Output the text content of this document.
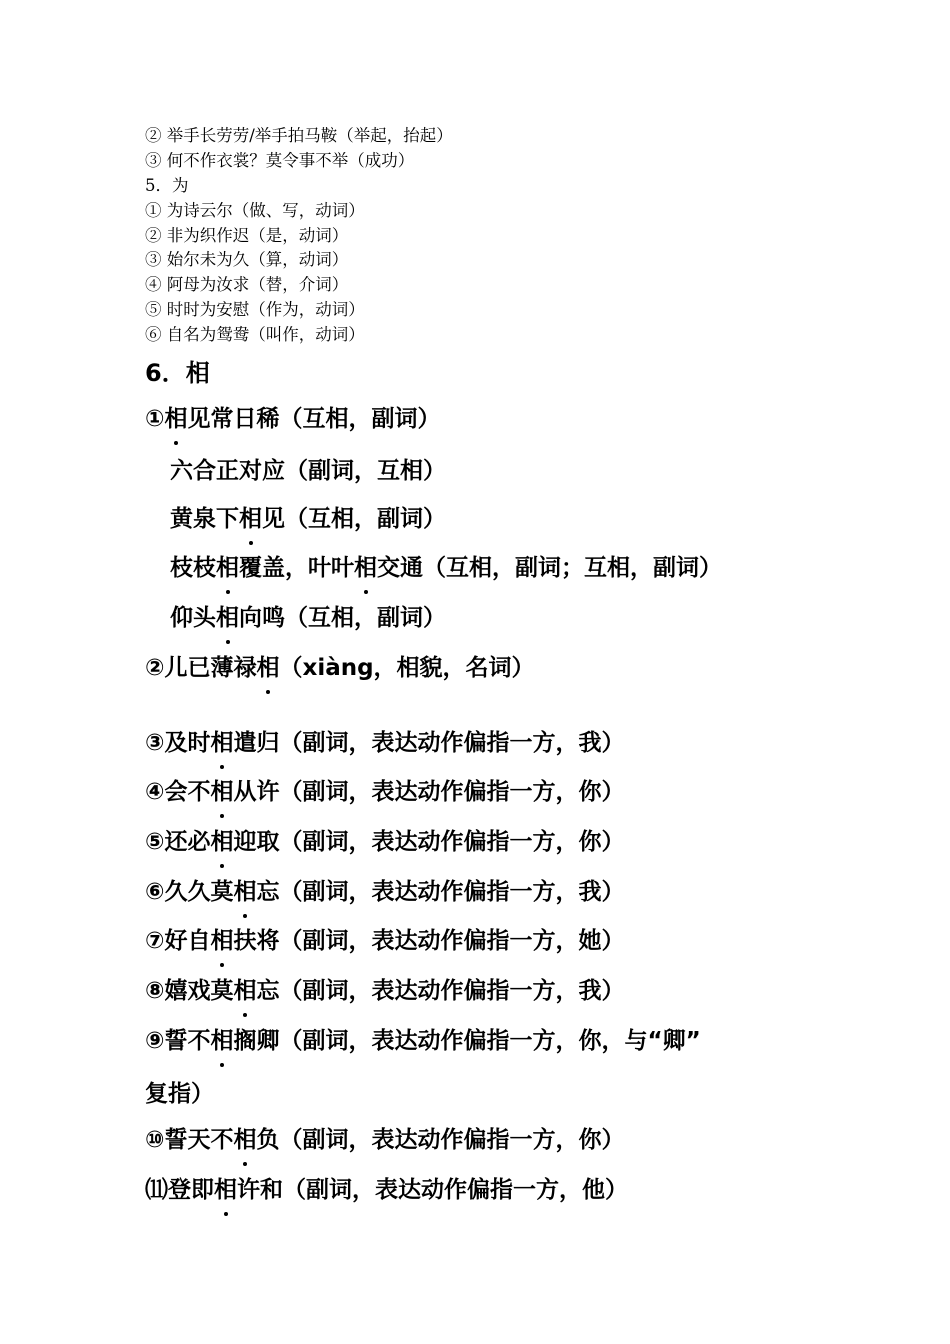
② 举手长劳劳/举手拍马鞍（举起，抬起）

③ 何不作衣裳？莫令事不举（成功）

5．为

① 为诗云尔（做、写，动词）

② 非为织作迟（是，动词）

③ 始尔未为久（算，动词）

④ 阿母为汝求（替，介词）

⑤ 时时为安慰（作为，动词）

⑥ 自名为鸳鸯（叫作，动词）

6．相

①相见常日稀（互相，副词）

六合正对应（副词，互相）

黄泉下相见（互相，副词）

枝枝相覆盖，叶叶相交通（互相，副词；互相，副词）

仰头相向鸣（互相，副词）

②儿已薄禄相（xiàng，相貌，名词）

③及时相遣归（副词，表达动作偏指一方，我）

④会不相从许（副词，表达动作偏指一方，你）

⑤还必相迎取（副词，表达动作偏指一方，你）

⑥久久莫相忘（副词，表达动作偏指一方，我）

⑦好自相扶将（副词，表达动作偏指一方，她）

⑧嬉戏莫相忘（副词，表达动作偏指一方，我）

⑨誓不相搁卿（副词，表达动作偏指一方，你，与“卿”

复指）

⑩誓天不相负（副词，表达动作偏指一方，你）

⑾登即相许和（副词，表达动作偏指一方，他）
